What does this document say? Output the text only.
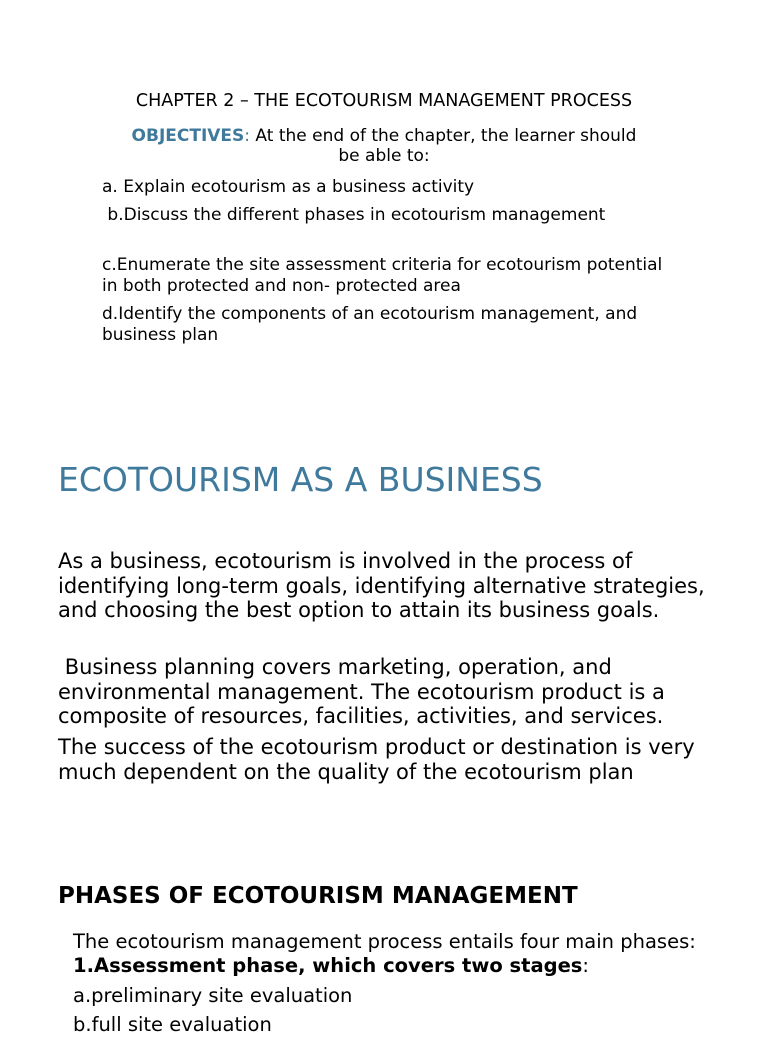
CHAPTER 2 – THE ECOTOURISM MANAGEMENT PROCESS

OBJECTIVES: At the end of the chapter, the learner should be able to:

a. Explain ecotourism as a business activity

b.Discuss the different phases in ecotourism management

c.Enumerate the site assessment criteria for ecotourism potential in both protected and non- protected area

d.Identify the components of an ecotourism management, and business plan

ECOTOURISM AS A BUSINESS

As a business, ecotourism is involved in the process of identifying long-term goals, identifying alternative strategies, and choosing the best option to attain its business goals.

Business planning covers marketing, operation, and environmental management. The ecotourism product is a composite of resources, facilities, activities, and services.

The success of the ecotourism product or destination is very much dependent on the quality of the ecotourism plan

PHASES OF ECOTOURISM MANAGEMENT

The ecotourism management process entails four main phases: 1.Assessment phase, which covers two stages:

a.preliminary site evaluation

b.full site evaluation
